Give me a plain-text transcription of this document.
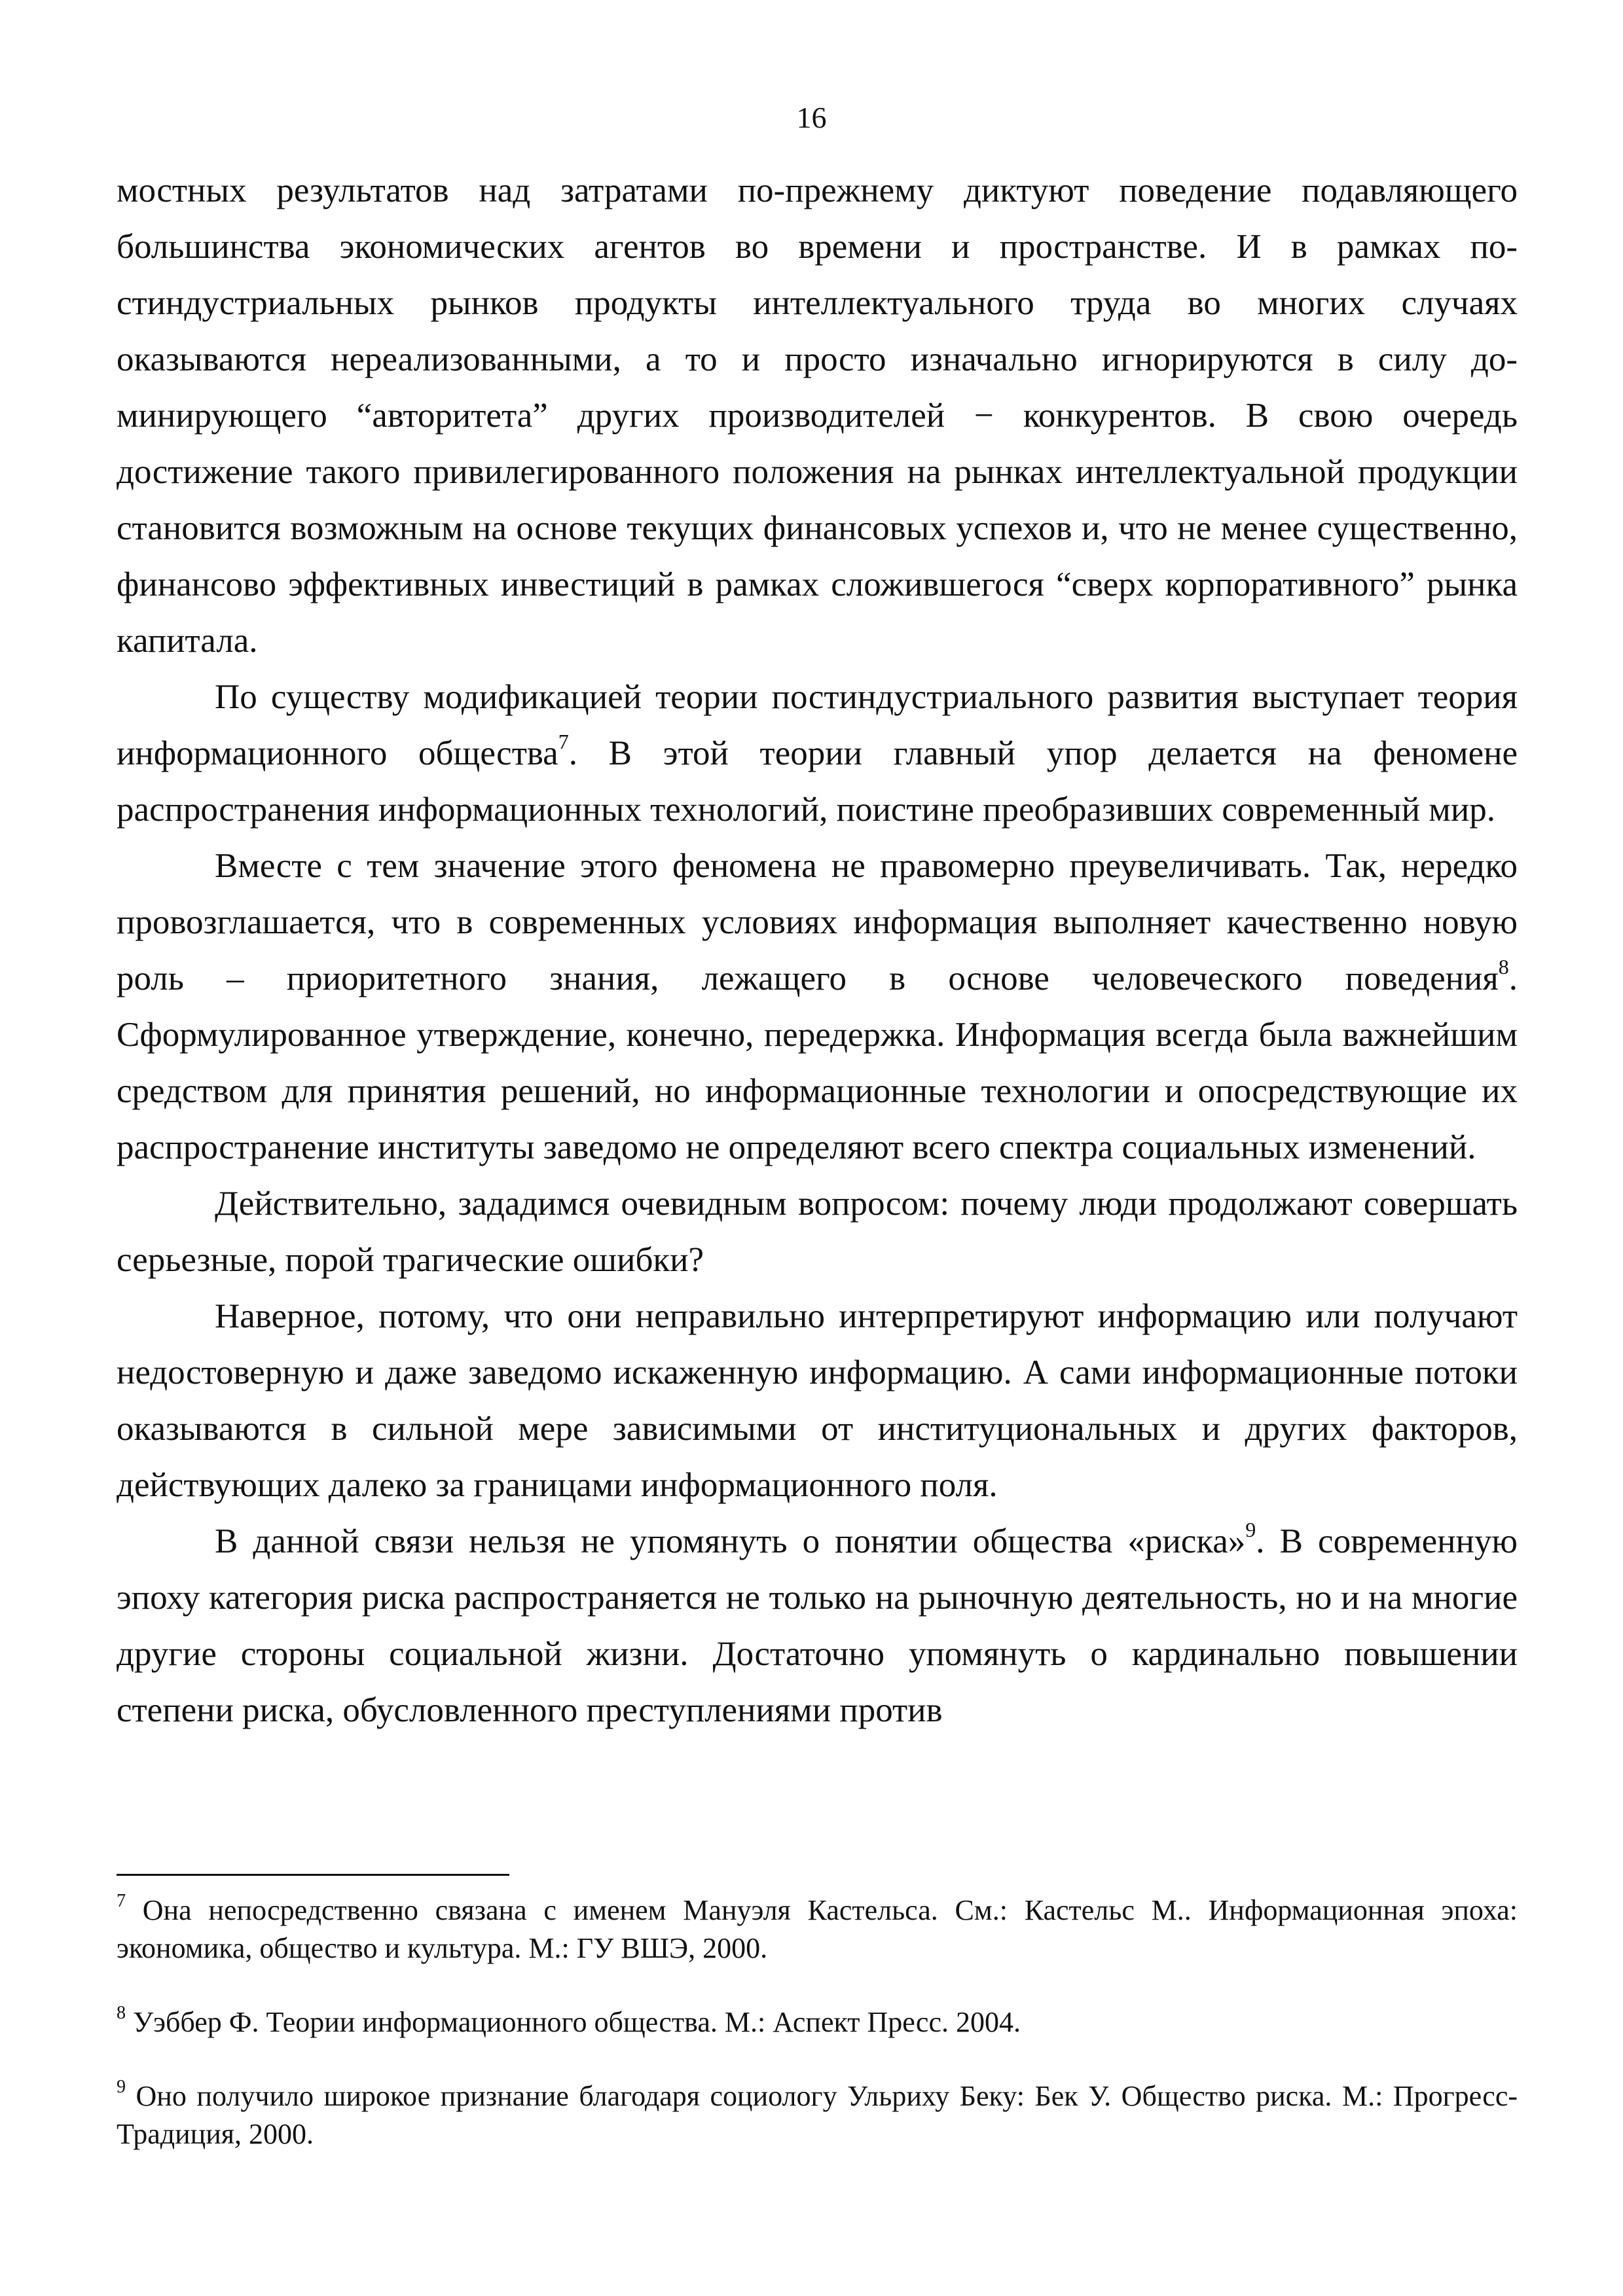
16

мостных результатов над затратами по-прежнему диктуют поведение подавляющего большинства экономических агентов во времени и пространстве. И в рамках постиндустриальных рынков продукты интеллектуального труда во многих случаях оказываются нереализованными, а то и просто изначально игнорируются в силу доминирующего “авторитета” других производителей − конкурентов. В свою очередь достижение такого привилегированного положения на рынках интеллектуальной продукции становится возможным на основе текущих финансовых успехов и, что не менее существенно, финансово эффективных инвестиций в рамках сложившегося “сверх корпоративного” рынка капитала.

По существу модификацией теории постиндустриального развития выступает теория информационного общества$^7$. В этой теории главный упор делается на феномене распространения информационных технологий, поистине преобразивших современный мир.

Вместе с тем значение этого феномена не правомерно преувеличивать. Так, нередко провозглашается, что в современных условиях информация выполняет качественно новую роль – приоритетного знания, лежащего в основе человеческого поведения$^8$. Сформулированное утверждение, конечно, передержка. Информация всегда была важнейшим средством для принятия решений, но информационные технологии и опосредствующие их распространение институты заведомо не определяют всего спектра социальных изменений.

Действительно, зададимся очевидным вопросом: почему люди продолжают совершать серьезные, порой трагические ошибки?

Наверное, потому, что они неправильно интерпретируют информацию или получают недостоверную и даже заведомо искаженную информацию. А сами информационные потоки оказываются в сильной мере зависимыми от институциональных и других факторов, действующих далеко за границами информационного поля.

В данной связи нельзя не упомянуть о понятии общества «риска»$^9$. В современную эпоху категория риска распространяется не только на рыночную деятельность, но и на многие другие стороны социальной жизни. Достаточно упомянуть о кардинально повышении степени риска, обусловленного преступлениями против

$^7$ Она непосредственно связана с именем Мануэля Кастельса. См.: Кастельс М.. Информационная эпоха: экономика, общество и культура. М.: ГУ ВШЭ, 2000.

$^8$ Уэббер Ф. Теории информационного общества. М.: Аспект Пресс. 2004.

$^9$ Оно получило широкое признание благодаря социологу Ульриху Беку: Бек У. Общество риска. М.: Прогресс-Традиция, 2000.
